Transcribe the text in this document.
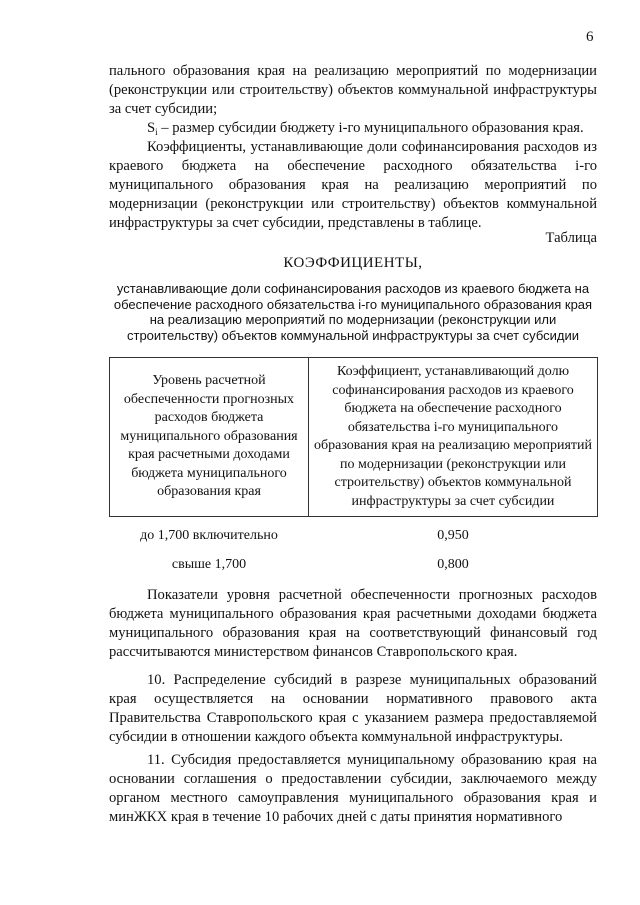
6

пального образования края на реализацию мероприятий по модернизации (реконструкции или строительству) объектов коммунальной инфраструктуры за счет субсидии;

$S_i$ – размер субсидии бюджету i-го муниципального образования края.

Коэффициенты, устанавливающие доли софинансирования расходов из краевого бюджета на обеспечение расходного обязательства i-го муниципального образования края на реализацию мероприятий по модернизации (реконструкции или строительству) объектов коммунальной инфраструктуры за счет субсидии, представлены в таблице.

Таблица

КОЭФФИЦИЕНТЫ,

устанавливающие доли софинансирования расходов из краевого бюджета на обеспечение расходного обязательства i-го муниципального образования края на реализацию мероприятий по модернизации (реконструкции или строительству) объектов коммунальной инфраструктуры за счет субсидии

Уровень расчетной обеспеченности прогнозных расходов бюджета муниципального образования края расчетными доходами бюджета муниципального образования края	Коэффициент, устанавливающий долю софинансирования расходов из краевого бюджета на обеспечение расходного обязательства i-го муниципального образования края на реализацию мероприятий по модернизации (реконструкции или строительству) объектов коммунальной инфраструктуры за счет субсидии
до 1,700 включительно	0,950
свыше 1,700	0,800

Показатели уровня расчетной обеспеченности прогнозных расходов бюджета муниципального образования края расчетными доходами бюджета муниципального образования края на соответствующий финансовый год рассчитываются министерством финансов Ставропольского края.

10. Распределение субсидий в разрезе муниципальных образований края осуществляется на основании нормативного правового акта Правительства Ставропольского края с указанием размера предоставляемой субсидии в отношении каждого объекта коммунальной инфраструктуры.

11. Субсидия предоставляется муниципальному образованию края на основании соглашения о предоставлении субсидии, заключаемого между органом местного самоуправления муниципального образования края и минЖКХ края в течение 10 рабочих дней с даты принятия нормативного
